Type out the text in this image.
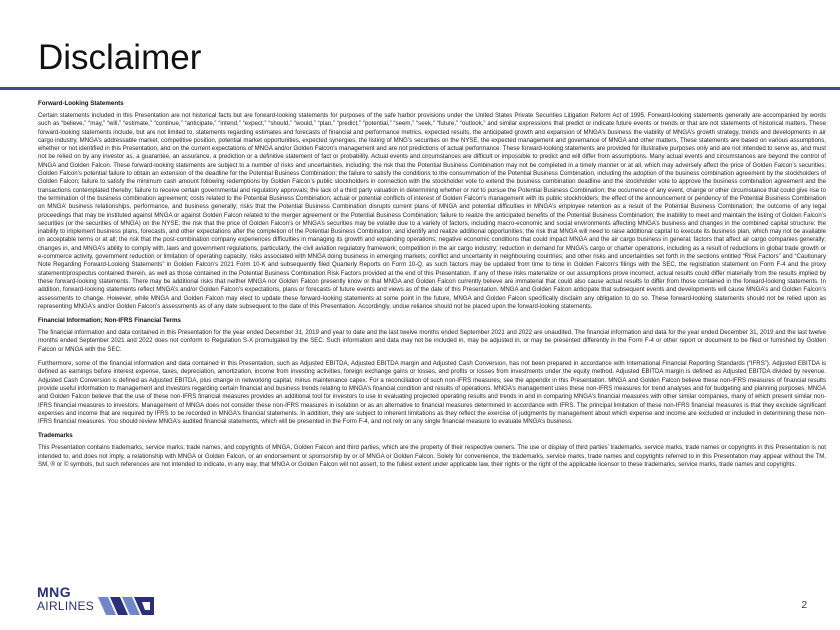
Disclaimer
Forward-Looking Statements

Certain statements included in this Presentation are not historical facts but are forward-looking statements for purposes of the safe harbor provisions under the United States Private Securities Litigation Reform Act of 1995. Forward-looking statements generally are accompanied by words such as “believe,” “may,” “will,” “estimate,” “continue,” “anticipate,” “intend,” “expect,” “should,” “would,” “plan,” “predict,” “potential,” “seem,” “seek,” “future,” “outlook,” and similar expressions that predict or indicate future events or trends or that are not statements of historical matters. These forward-looking statements include, but are not limited to, statements regarding estimates and forecasts of financial and performance metrics, expected results, the anticipated growth and expansion of MNGA’s business the viability of MNGA’s growth strategy, trends and developments in air cargo industry, MNGA’s addressable market, competitive position, potential market opportunities, expected synergies, the listing of MNG’s securities on the NYSE, the expected management and governance of MNGA and other matters. These statements are based on various assumptions, whether or not identified in this Presentation, and on the current expectations of MNGA and/or Golden Falcon’s management and are not predictions of actual performance. These forward-looking statements are provided for illustrative purposes only and are not intended to serve as, and must not be relied on by any investor as, a guarantee, an assurance, a prediction or a definitive statement of fact or probability. Actual events and circumstances are difficult or impossible to predict and will differ from assumptions. Many actual events and circumstances are beyond the control of MNGA and Golden Falcon. These forward-looking statements are subject to a number of risks and uncertainties, including: the risk that the Potential Business Combination may not be completed in a timely manner or at all, which may adversely affect the price of Golden Falcon’s securities; Golden Falcon’s potential failure to obtain an extension of the deadline for the Potential Business Combination; the failure to satisfy the conditions to the consummation of the Potential Business Combination, including the adoption of the business combination agreement by the stockholders of Golden Falcon; failure to satisfy the minimum cash amount following redemptions by Golden Falcon’s public stockholders in connection with the stockholder vote to extend the business combination deadline and the stockholder vote to approve the business combination agreement and the transactions contemplated thereby; failure to receive certain governmental and regulatory approvals; the lack of a third party valuation in determining whether or not to pursue the Potential Business Combination; the occurrence of any event, change or other circumstance that could give rise to the termination of the business combination agreement; costs related to the Potential Business Combination; actual or potential conflicts of interest of Golden Falcon’s management with its public stockholders; the effect of the announcement or pendency of the Potential Business Combination on MNGA’ business relationships, performance, and business generally; risks that the Potential Business Combination disrupts current plans of MNGA and potential difficulties in MNGA’s employee retention as a result of the Potential Business Combination; the outcome of any legal proceedings that may be instituted against MNGA or against Golden Falcon related to the merger agreement or the Potential Business Combination; failure to realize the anticipated benefits of the Potential Business Combination; the inability to meet and maintain the listing of Golden Falcon’s securities (or the securities of MNGA) on the NYSE; the risk that the price of Golden Falcon’s or MNGA’s securities may be volatile due to a variety of factors, including macro-economic and social environments affecting MNGA’s business and changes in the combined capital structure; the inability to implement business plans, forecasts, and other expectations after the completion of the Potential Business Combination, and identify and realize additional opportunities; the risk that MNGA will need to raise additional capital to execute its business plan, which may not be available on acceptable terms or at all; the risk that the post-combination company experiences difficulties in managing its growth and expanding operations; negative economic conditions that could impact MNGA and the air cargo business in general; factors that affect air cargo companies generally; changes in, and MNGA’s ability to comply with, laws and government regulations, particularly, the civil aviation regulatory framework; competition in the air cargo industry; reduction in demand for MNGA’s cargo or charter operations, including as a result of reductions in global trade growth or e-commerce activity, government reduction or limitation of operating capacity; risks associated with MNGA doing business in emerging markets; conflict and uncertainty in neighbouring countries; and other risks and uncertainties set forth in the sections entitled “Risk Factors” and “Cautionary Note Regarding Forward-Looking Statements” in Golden Falcon’s 2021 Form 10-K and subsequently filed Quarterly Reports on Form 10-Q, as such factors may be updated from time to time in Golden Falcon’s filings with the SEC, the registration statement on Form F-4 and the proxy statement/prospectus contained therein, as well as those contained in the Potential Business Combination Risk Factors provided at the end of this Presentation. If any of these risks materialize or our assumptions prove incorrect, actual results could differ materially from the results implied by these forward-looking statements. There may be additional risks that neither MNGA nor Golden Falcon presently know or that MNGA and Golden Falcon currently believe are immaterial that could also cause actual results to differ from those contained in the forward-looking statements. In addition, forward-looking statements reflect MNGA’s and/or Golden Falcon’s expectations, plans or forecasts of future events and views as of the date of this Presentation. MNGA and Golden Falcon anticipate that subsequent events and developments will cause MNGA’s and Golden Falcon’s assessments to change. However, while MNGA and Golden Falcon may elect to update these forward-looking statements at some point in the future, MNGA and Golden Falcon specifically disclaim any obligation to do so. These forward-looking statements should not be relied upon as representing MNGA’s and/or Golden Falcon’s assessments as of any date subsequent to the date of this Presentation. Accordingly, undue reliance should not be placed upon the forward-looking statements.

Financial Information; Non-IFRS Financial Terms

The financial information and data contained in this Presentation for the year ended December 31, 2019 and year to date and the last twelve months ended September 2021 and 2022 are unaudited. The financial information and data for the year ended December 31, 2019 and the last twelve months ended September 2021 and 2022 does not conform to Regulation S-X promulgated by the SEC. Such information and data may not be included in, may be adjusted in, or may be presented differently in the Form F-4 or other report or document to be filed or furnished by Golden Falcon or MNGA with the SEC.

Furthermore, some of the financial information and data contained in this Presentation, such as Adjusted EBITDA, Adjusted EBITDA margin and Adjusted Cash Conversion, has not been prepared in accordance with International Financial Reporting Standards (“IFRS”). Adjusted EBITDA is defined as earnings before interest expense, taxes, depreciation, amortization, income from investing activities, foreign exchange gains or losses, and profits or losses from investments under the equity method. Adjusted EBITDA margin is defined as Adjusted EBITDA divided by revenue. Adjusted Cash Conversion is defined as Adjusted EBITDA, plus change in networking capital, minus maintenance capex. For a reconciliation of such non-IFRS measures, see the appendix in this Presentation. MNGA and Golden Falcon believe these non-IFRS measures of financial results provide useful information to management and investors regarding certain financial and business trends relating to MNGA’s financial condition and results of operations. MNGA’s management uses these non-IFRS measures for trend analyses and for budgeting and planning purposes. MNGA and Golden Falcon believe that the use of these non-IFRS financial measures provides an additional tool for investors to use in evaluating projected operating results and trends in and in comparing MNGA’s financial measures with other similar companies, many of which present similar non-IFRS financial measures to investors. Management of MNGA does not consider these non-IFRS measures in isolation or as an alternative to financial measures determined in accordance with IFRS. The principal limitation of these non-IFRS financial measures is that they exclude significant expenses and income that are required by IFRS to be recorded in MNGA’s financial statements. In addition, they are subject to inherent limitations as they reflect the exercise of judgments by management about which expense and income are excluded or included in determining these non-IFRS financial measures. You should review MNGA’s audited financial statements, which will be presented in the Form F-4, and not rely on any single financial measure to evaluate MNGA’s business.

Trademarks

This Presentation contains trademarks, service marks, trade names, and copyrights of MNGA, Golden Falcon and third parties, which are the property of their respective owners. The use or display of third parties’ trademarks, service marks, trade names or copyrights in this Presentation is not intended to, and does not imply, a relationship with MNGA or Golden Falcon, or an endorsement or sponsorship by or of MNGA or Golden Falcon. Solely for convenience, the trademarks, service marks, trade names and copyrights referred to in this Presentation may appear without the TM, SM, ® or © symbols, but such references are not intended to indicate, in any way, that MNGA or Golden Falcon will not assert, to the fullest extent under applicable law, their rights or the right of the applicable licensor to these trademarks, service marks, trade names and copyrights.

MNG
AIRLINES	2
